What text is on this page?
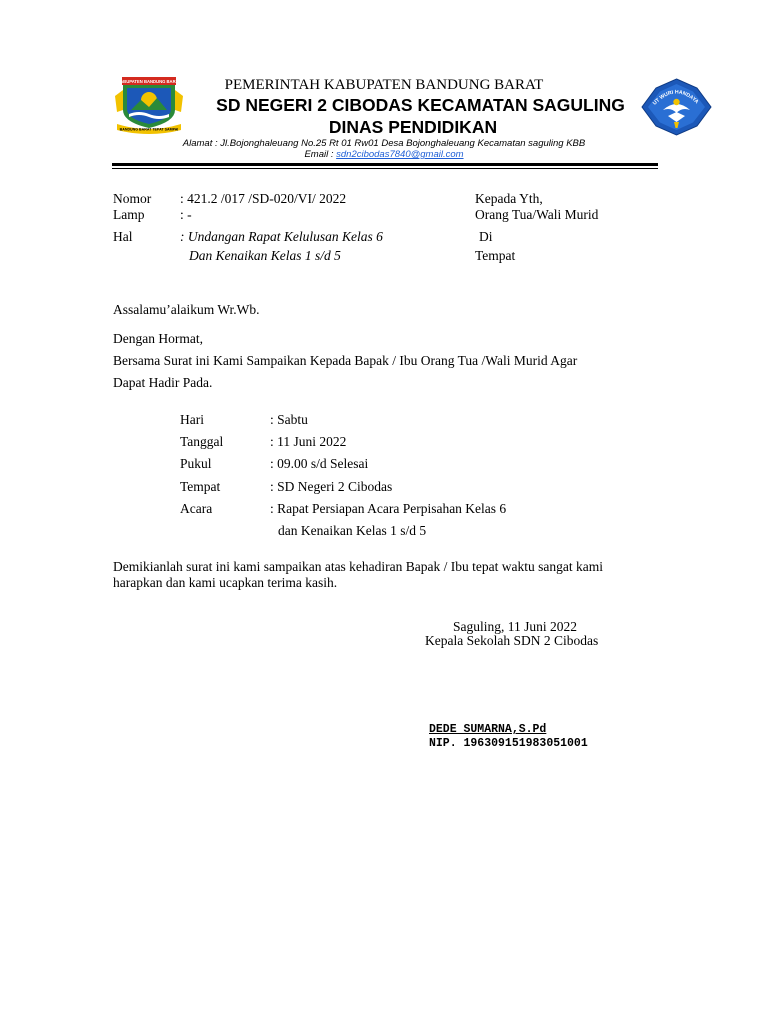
KABUPATEN BANDUNG BARAT
BANDUNG BARAT TEPAT SAMPAI
UT WURI HANDAYA
PEMERINTAH KABUPATEN BANDUNG BARAT
SD NEGERI 2 CIBODAS KECAMATAN SAGULING
DINAS PENDIDIKAN
Alamat : Jl.Bojonghaleuang No.25 Rt 01 Rw01 Desa Bojonghaleuang Kecamatan saguling KBB
Email : sdn2cibodas7840@gmail.com
Nomor : 421.2 /017 /SD-020/VI/ 2022
Lamp	: -
Hal	: Undangan Rapat Kelulusan Kelas 6
Dan Kenaikan Kelas 1 s/d 5
Kepada Yth,
Orang Tua/Wali Murid
Di
Tempat
Assalamu’alaikum Wr.Wb.
Dengan Hormat,
Bersama Surat ini Kami Sampaikan Kepada Bapak / Ibu Orang Tua /Wali Murid Agar
Dapat Hadir Pada.
Hari	: Sabtu
Tanggal	: 11 Juni 2022
Pukul	: 09.00 s/d Selesai
Tempat	: SD Negeri 2 Cibodas
Acara	: Rapat Persiapan Acara Perpisahan Kelas 6
dan Kenaikan Kelas 1 s/d 5
Demikianlah surat ini kami sampaikan atas kehadiran Bapak / Ibu tepat waktu sangat kami
harapkan dan kami ucapkan terima kasih.
Saguling, 11 Juni 2022
Kepala Sekolah SDN 2 Cibodas
DEDE SUMARNA,S.Pd
NIP. 196309151983051001
